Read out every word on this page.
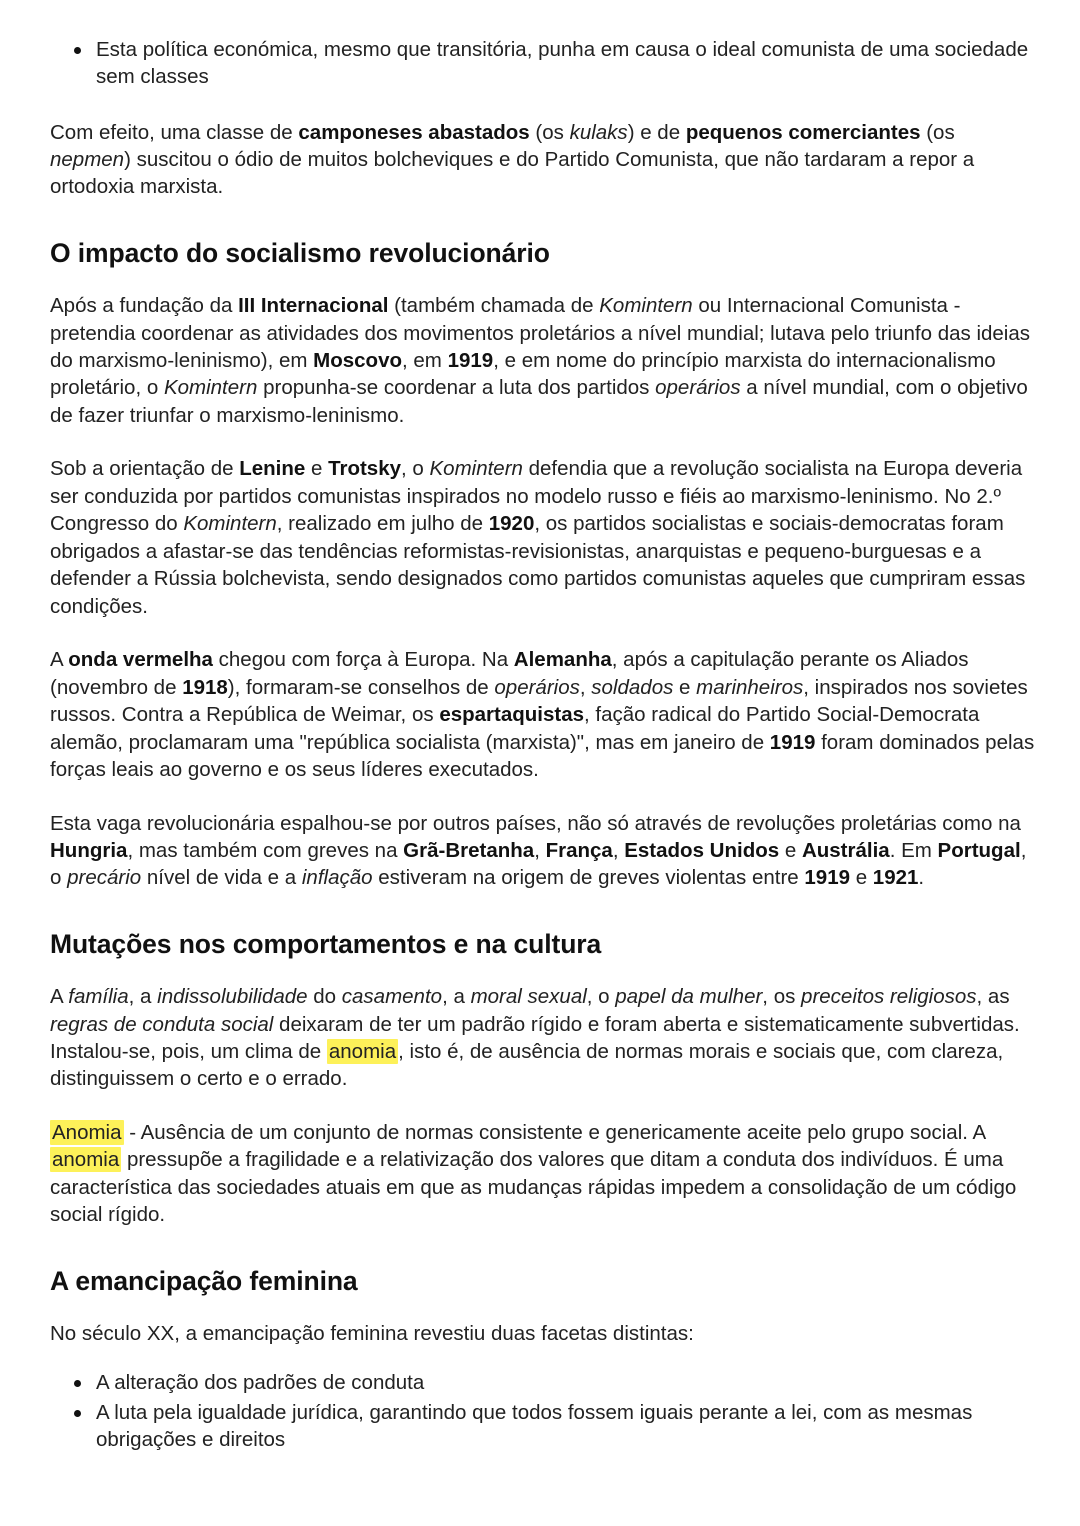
Esta política económica, mesmo que transitória, punha em causa o ideal comunista de uma sociedade sem classes

Com efeito, uma classe de camponeses abastados (os kulaks) e de pequenos comerciantes (os nepmen) suscitou o ódio de muitos bolcheviques e do Partido Comunista, que não tardaram a repor a ortodoxia marxista.

O impacto do socialismo revolucionário

Após a fundação da III Internacional (também chamada de Komintern ou Internacional Comunista - pretendia coordenar as atividades dos movimentos proletários a nível mundial; lutava pelo triunfo das ideias do marxismo-leninismo), em Moscovo, em 1919, e em nome do princípio marxista do internacionalismo proletário, o Komintern propunha-se coordenar a luta dos partidos operários a nível mundial, com o objetivo de fazer triunfar o marxismo-leninismo.

Sob a orientação de Lenine e Trotsky, o Komintern defendia que a revolução socialista na Europa deveria ser conduzida por partidos comunistas inspirados no modelo russo e fiéis ao marxismo-leninismo. No 2.º Congresso do Komintern, realizado em julho de 1920, os partidos socialistas e sociais-democratas foram obrigados a afastar-se das tendências reformistas-revisionistas, anarquistas e pequeno-burguesas e a defender a Rússia bolchevista, sendo designados como partidos comunistas aqueles que cumpriram essas condições.

A onda vermelha chegou com força à Europa. Na Alemanha, após a capitulação perante os Aliados (novembro de 1918), formaram-se conselhos de operários, soldados e marinheiros, inspirados nos sovietes russos. Contra a República de Weimar, os espartaquistas, fação radical do Partido Social-Democrata alemão, proclamaram uma "república socialista (marxista)", mas em janeiro de 1919 foram dominados pelas forças leais ao governo e os seus líderes executados.

Esta vaga revolucionária espalhou-se por outros países, não só através de revoluções proletárias como na Hungria, mas também com greves na Grã-Bretanha, França, Estados Unidos e Austrália. Em Portugal, o precário nível de vida e a inflação estiveram na origem de greves violentas entre 1919 e 1921.

Mutações nos comportamentos e na cultura

A família, a indissolubilidade do casamento, a moral sexual, o papel da mulher, os preceitos religiosos, as regras de conduta social deixaram de ter um padrão rígido e foram aberta e sistematicamente subvertidas. Instalou-se, pois, um clima de anomia, isto é, de ausência de normas morais e sociais que, com clareza, distinguissem o certo e o errado.

Anomia - Ausência de um conjunto de normas consistente e genericamente aceite pelo grupo social. A anomia pressupõe a fragilidade e a relativização dos valores que ditam a conduta dos indivíduos. É uma característica das sociedades atuais em que as mudanças rápidas impedem a consolidação de um código social rígido.

A emancipação feminina

No século XX, a emancipação feminina revestiu duas facetas distintas:

A alteração dos padrões de conduta
A luta pela igualdade jurídica, garantindo que todos fossem iguais perante a lei, com as mesmas obrigações e direitos
